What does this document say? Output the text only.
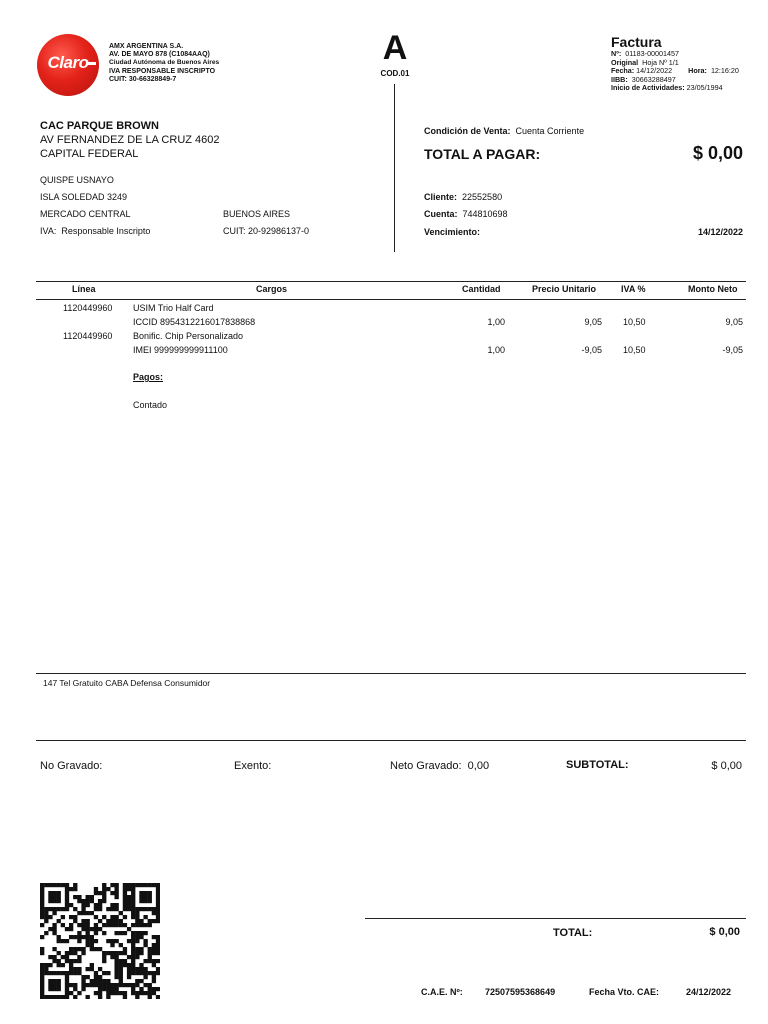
Claro
AMX ARGENTINA S.A.
AV. DE MAYO 878 (C1084AAQ)
Ciudad Autónoma de Buenos Aires
IVA RESPONSABLE INSCRIPTO
CUIT: 30-66328849-7
A
COD.01
Factura
Nº: 01183-00001457
Original Hoja Nº 1/1
Fecha: 14/12/2022 Hora: 12:16:20
IIBB: 30663288497
Inicio de Actividades: 23/05/1994
CAC PARQUE BROWN
AV FERNANDEZ DE LA CRUZ 4602
CAPITAL FEDERAL
QUISPE USNAYO
ISLA SOLEDAD 3249
MERCADO CENTRAL	BUENOS AIRES
IVA: Responsable Inscripto	CUIT: 20-92986137-0
Condición de Venta: Cuenta Corriente
TOTAL A PAGAR:	$ 0,00
Cliente: 22552580
Cuenta: 744810698
Vencimiento:	14/12/2022
Línea	Cargos	Cantidad	Precio Unitario	IVA %	Monto Neto
1120449960 USIM Trio Half Card
ICCID 8954312216017838868	1,00	9,05 10,50	9,05
1120449960 Bonific. Chip Personalizado
IMEI 999999999911100	1,00	-9,05 10,50	-9,05
Pagos:
Contado
147 Tel Gratuito CABA Defensa Consumidor
No Gravado:	Exento:	Neto Gravado: 0,00	SUBTOTAL:	$ 0,00
TOTAL:	$ 0,00
C.A.E. Nº: 72507595368649	Fecha Vto. CAE:	24/12/2022
